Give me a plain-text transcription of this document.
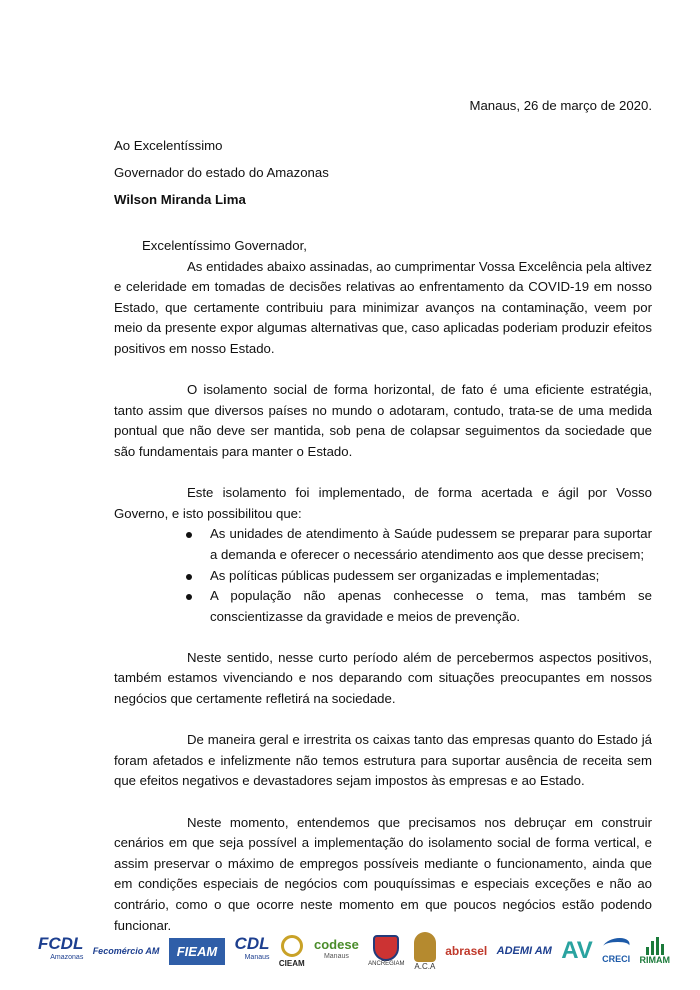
Manaus, 26 de março de 2020.
Ao Excelentíssimo
Governador do estado do Amazonas
Wilson Miranda Lima
Excelentíssimo Governador,

As entidades abaixo assinadas, ao cumprimentar Vossa Excelência pela altivez e celeridade em tomadas de decisões relativas ao enfrentamento da COVID-19 em nosso Estado, que certamente contribuiu para minimizar avanços na contaminação, veem por meio da presente expor algumas alternativas que, caso aplicadas poderiam produzir efeitos positivos em nosso Estado.

O isolamento social de forma horizontal, de fato é uma eficiente estratégia, tanto assim que diversos países no mundo o adotaram, contudo, trata-se de uma medida pontual que não deve ser mantida, sob pena de colapsar seguimentos da sociedade que são fundamentais para manter o Estado.

Este isolamento foi implementado, de forma acertada e ágil por Vosso Governo, e isto possibilitou que:

As unidades de atendimento à Saúde pudessem se preparar para suportar a demanda e oferecer o necessário atendimento aos que desse precisem;
As políticas públicas pudessem ser organizadas e implementadas;
A população não apenas conhecesse o tema, mas também se conscientizasse da gravidade e meios de prevenção.

Neste sentido, nesse curto período além de percebermos aspectos positivos, também estamos vivenciando e nos deparando com situações preocupantes em nossos negócios que certamente refletirá na sociedade.

De maneira geral e irrestrita os caixas tanto das empresas quanto do Estado já foram afetados e infelizmente não temos estrutura para suportar ausência de receita sem que efeitos negativos e devastadores sejam impostos às empresas e ao Estado.

Neste momento, entendemos que precisamos nos debruçar em construir cenários em que seja possível a implementação do isolamento social de forma vertical, e assim preservar o máximo de empregos possíveis mediante o funcionamento, ainda que em condições especiais de negócios com pouquíssimas e especiais exceções e não ao contrário, como o que ocorre neste momento em que poucos negócios estão podendo funcionar.

FCDL
Amazonas
Fecomércio AM	FIEAM	CDL
Manaus
CIEAM
codese
Manaus
ANCREGIAM A.C.A
abrasel ADEMI AM AV CRECI RIMAM
